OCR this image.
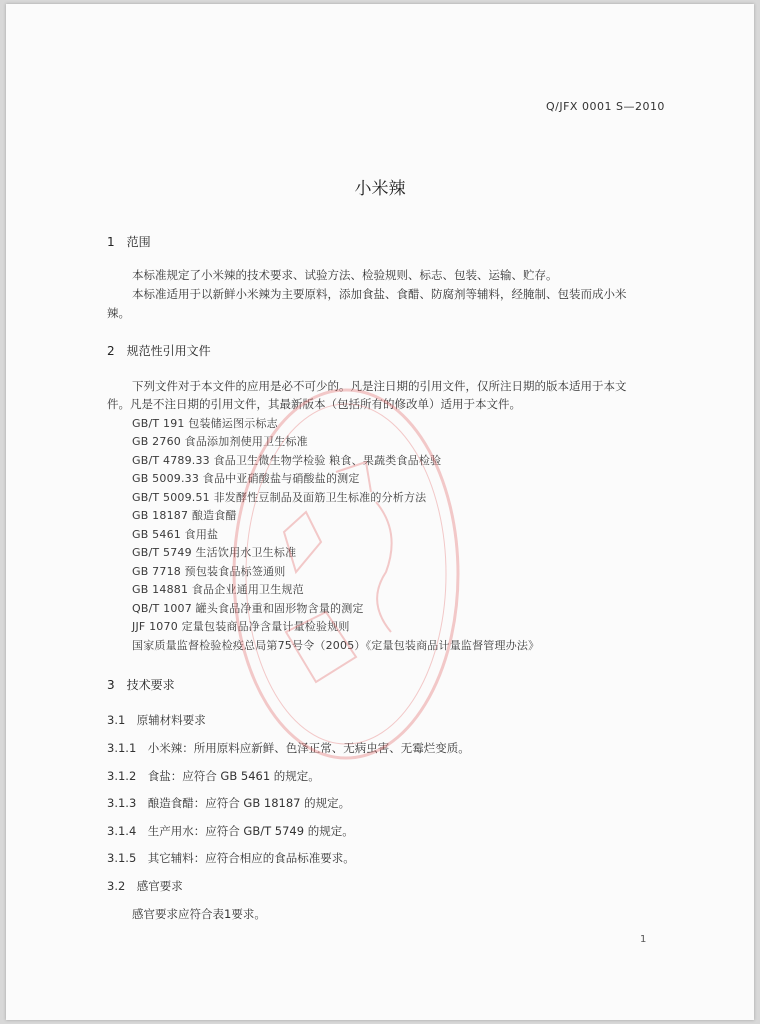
Q/JFX 0001 S—2010
小米辣
1　范围
本标准规定了小米辣的技术要求、试验方法、检验规则、标志、包装、运输、贮存。
本标准适用于以新鲜小米辣为主要原料，添加食盐、食醋、防腐剂等辅料，经腌制、包装而成小米
辣。
2　规范性引用文件
下列文件对于本文件的应用是必不可少的。凡是注日期的引用文件，仅所注日期的版本适用于本文
件。凡是不注日期的引用文件，其最新版本（包括所有的修改单）适用于本文件。
GB/T 191 包装储运图示标志
GB 2760 食品添加剂使用卫生标准
GB/T 4789.33 食品卫生微生物学检验 粮食、果蔬类食品检验
GB 5009.33 食品中亚硝酸盐与硝酸盐的测定
GB/T 5009.51 非发酵性豆制品及面筋卫生标准的分析方法
GB 18187 酿造食醋
GB 5461 食用盐
GB/T 5749 生活饮用水卫生标准
GB 7718 预包装食品标签通则
GB 14881 食品企业通用卫生规范
QB/T 1007 罐头食品净重和固形物含量的测定
JJF 1070 定量包装商品净含量计量检验规则
国家质量监督检验检疫总局第75号令（2005）《定量包装商品计量监督管理办法》
3　技术要求
3.1　原辅材料要求
3.1.1　小米辣：所用原料应新鲜、色泽正常、无病虫害、无霉烂变质。
3.1.2　食盐：应符合 GB 5461 的规定。
3.1.3　酿造食醋：应符合 GB 18187 的规定。
3.1.4　生产用水：应符合 GB/T 5749 的规定。
3.1.5　其它辅料：应符合相应的食品标准要求。
3.2　感官要求
感官要求应符合表1要求。
1
